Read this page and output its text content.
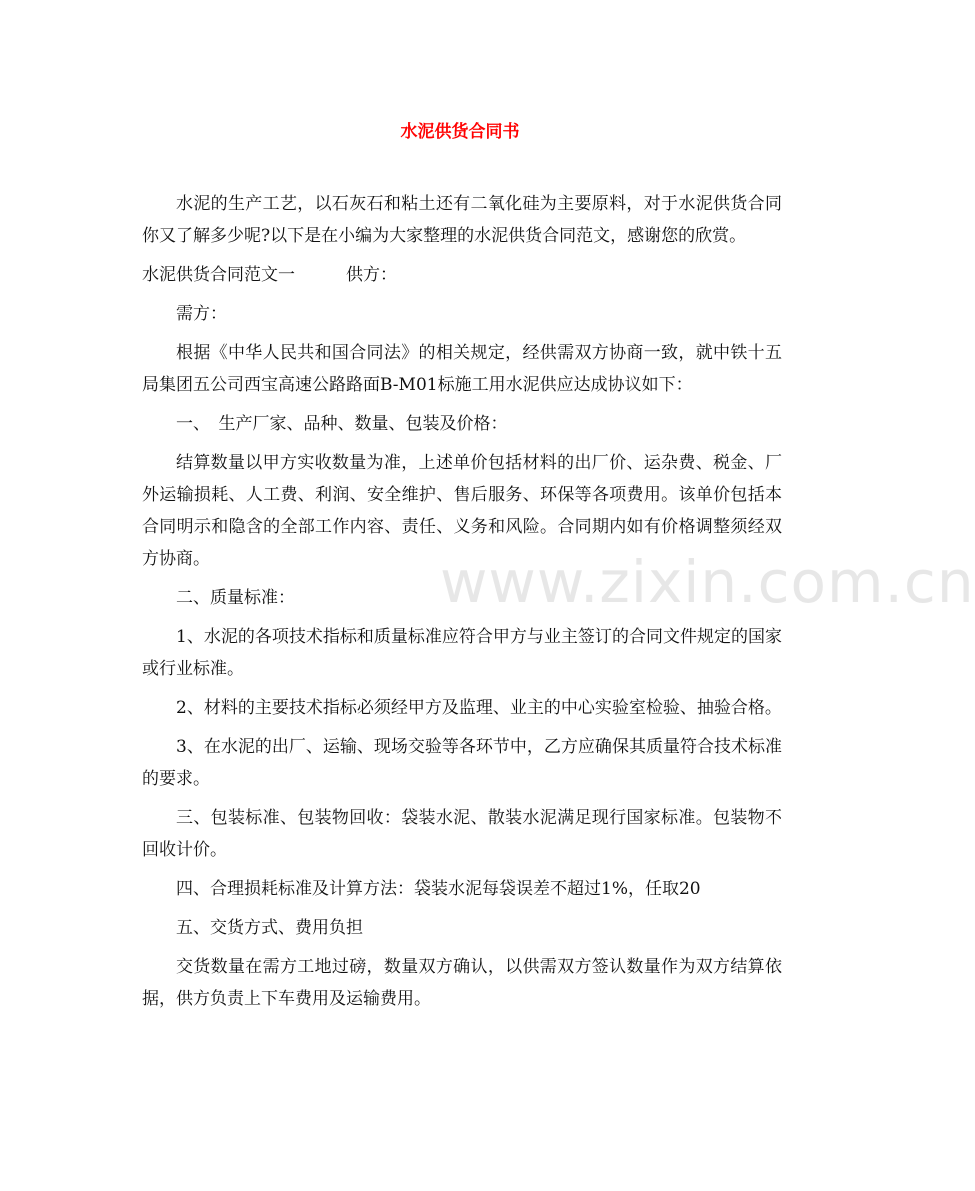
水泥供货合同书

水泥的生产工艺，以石灰石和粘土还有二氧化硅为主要原料，对于水泥供货合同你又了解多少呢?以下是在小编为大家整理的水泥供货合同范文，感谢您的欣赏。

水泥供货合同范文一　　　供方：

需方：

根据《中华人民共和国合同法》的相关规定，经供需双方协商一致，就中铁十五局集团五公司西宝高速公路路面B-M01标施工用水泥供应达成协议如下：

一、　生产厂家、品种、数量、包装及价格：

结算数量以甲方实收数量为准，上述单价包括材料的出厂价、运杂费、税金、厂外运输损耗、人工费、利润、安全维护、售后服务、环保等各项费用。该单价包括本合同明示和隐含的全部工作内容、责任、义务和风险。合同期内如有价格调整须经双方协商。

二、质量标准：

1、水泥的各项技术指标和质量标准应符合甲方与业主签订的合同文件规定的国家或行业标准。

2、材料的主要技术指标必须经甲方及监理、业主的中心实验室检验、抽验合格。

3、在水泥的出厂、运输、现场交验等各环节中，乙方应确保其质量符合技术标准的要求。

三、包装标准、包装物回收：袋装水泥、散装水泥满足现行国家标准。包装物不回收计价。

四、合理损耗标准及计算方法：袋装水泥每袋误差不超过1%，任取20

五、交货方式、费用负担

交货数量在需方工地过磅，数量双方确认，以供需双方签认数量作为双方结算依据，供方负责上下车费用及运输费用。

www.zixin.com.cn
